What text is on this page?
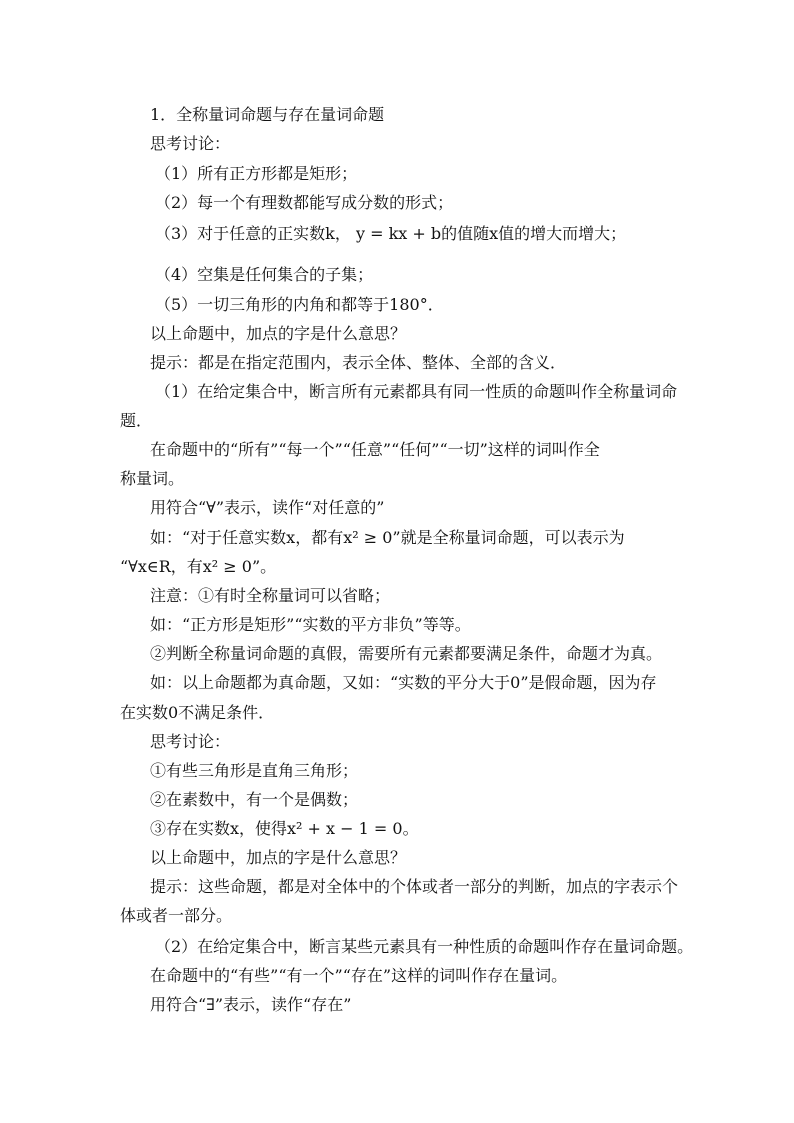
1．全称量词命题与存在量词命题
思考讨论：
（1）所有正方形都是矩形；
（2）每一个有理数都能写成分数的形式；
（3）对于任意的正实数k， y = kx + b的值随x值的增大而增大；
（4）空集是任何集合的子集；
（5）一切三角形的内角和都等于180°．
以上命题中，加点的字是什么意思？
提示：都是在指定范围内，表示全体、整体、全部的含义．
（1）在给定集合中，断言所有元素都具有同一性质的命题叫作全称量词命
题．
在命题中的“所有”“每一个”“任意”“任何”“一切”这样的词叫作全
称量词。
用符合“∀”表示，读作“对任意的”
如：“对于任意实数x，都有x² ≥ 0”就是全称量词命题，可以表示为
“∀x∈R，有x² ≥ 0”。
注意：①有时全称量词可以省略；
如：“正方形是矩形”“实数的平方非负”等等。
②判断全称量词命题的真假，需要所有元素都要满足条件，命题才为真。
如：以上命题都为真命题，又如：“实数的平分大于0”是假命题，因为存
在实数0不满足条件．
思考讨论：
①有些三角形是直角三角形；
②在素数中，有一个是偶数；
③存在实数x，使得x² + x − 1 = 0。
以上命题中，加点的字是什么意思？
提示：这些命题，都是对全体中的个体或者一部分的判断，加点的字表示个
体或者一部分。
（2）在给定集合中，断言某些元素具有一种性质的命题叫作存在量词命题。
在命题中的“有些”“有一个”“存在”这样的词叫作存在量词。
用符合“∃”表示，读作“存在”
